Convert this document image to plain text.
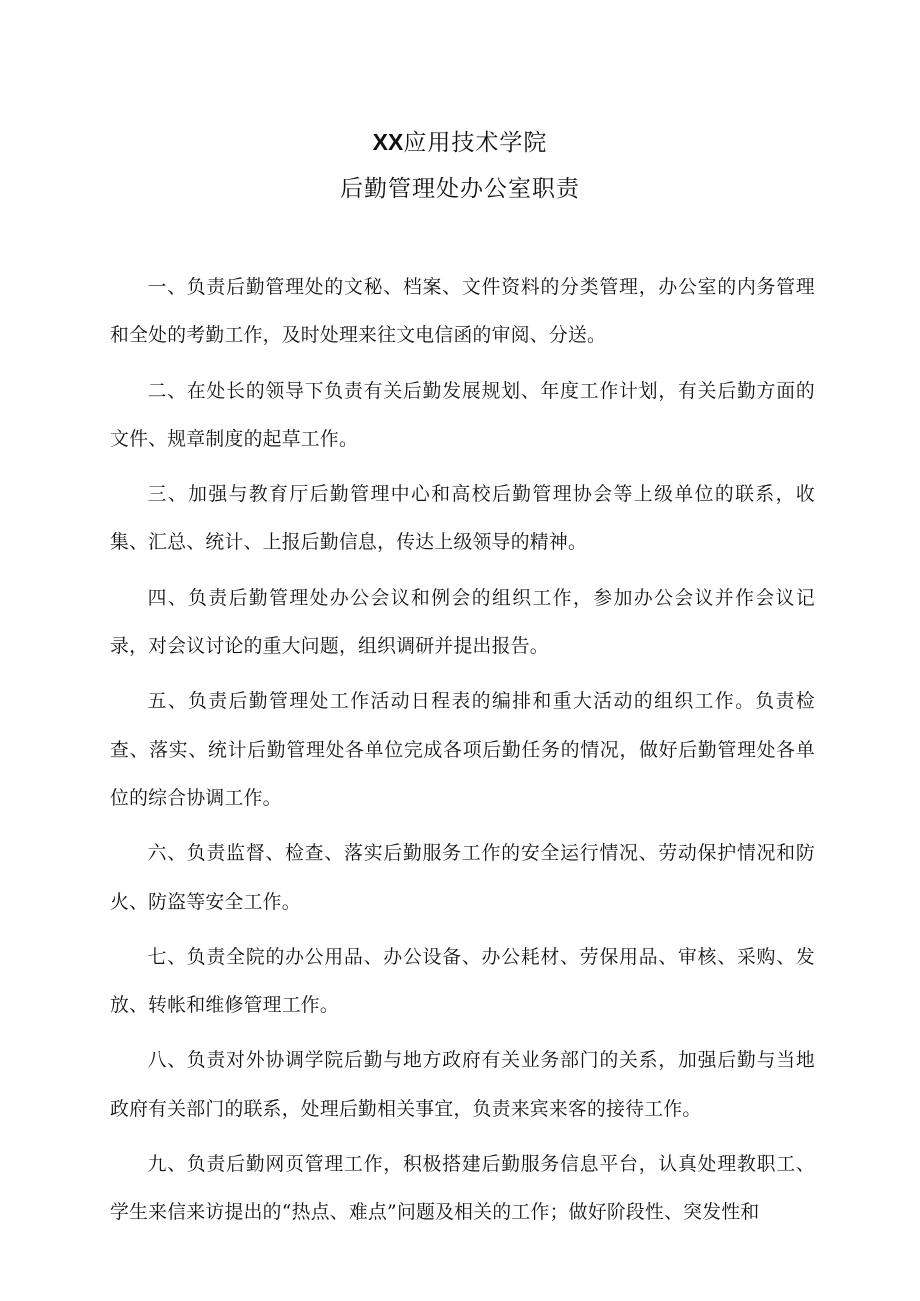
XX应用技术学院
后勤管理处办公室职责

一、负责后勤管理处的文秘、档案、文件资料的分类管理，办公室的内务管理和全处的考勤工作，及时处理来往文电信函的审阅、分送。

二、在处长的领导下负责有关后勤发展规划、年度工作计划，有关后勤方面的文件、规章制度的起草工作。

三、加强与教育厅后勤管理中心和高校后勤管理协会等上级单位的联系，收集、汇总、统计、上报后勤信息，传达上级领导的精神。

四、负责后勤管理处办公会议和例会的组织工作，参加办公会议并作会议记录，对会议讨论的重大问题，组织调研并提出报告。

五、负责后勤管理处工作活动日程表的编排和重大活动的组织工作。负责检查、落实、统计后勤管理处各单位完成各项后勤任务的情况，做好后勤管理处各单位的综合协调工作。

六、负责监督、检查、落实后勤服务工作的安全运行情况、劳动保护情况和防火、防盗等安全工作。

七、负责全院的办公用品、办公设备、办公耗材、劳保用品、审核、采购、发放、转帐和维修管理工作。

八、负责对外协调学院后勤与地方政府有关业务部门的关系，加强后勤与当地政府有关部门的联系，处理后勤相关事宜，负责来宾来客的接待工作。

九、负责后勤网页管理工作，积极搭建后勤服务信息平台，认真处理教职工、学生来信来访提出的“热点、难点”问题及相关的工作；做好阶段性、突发性和
